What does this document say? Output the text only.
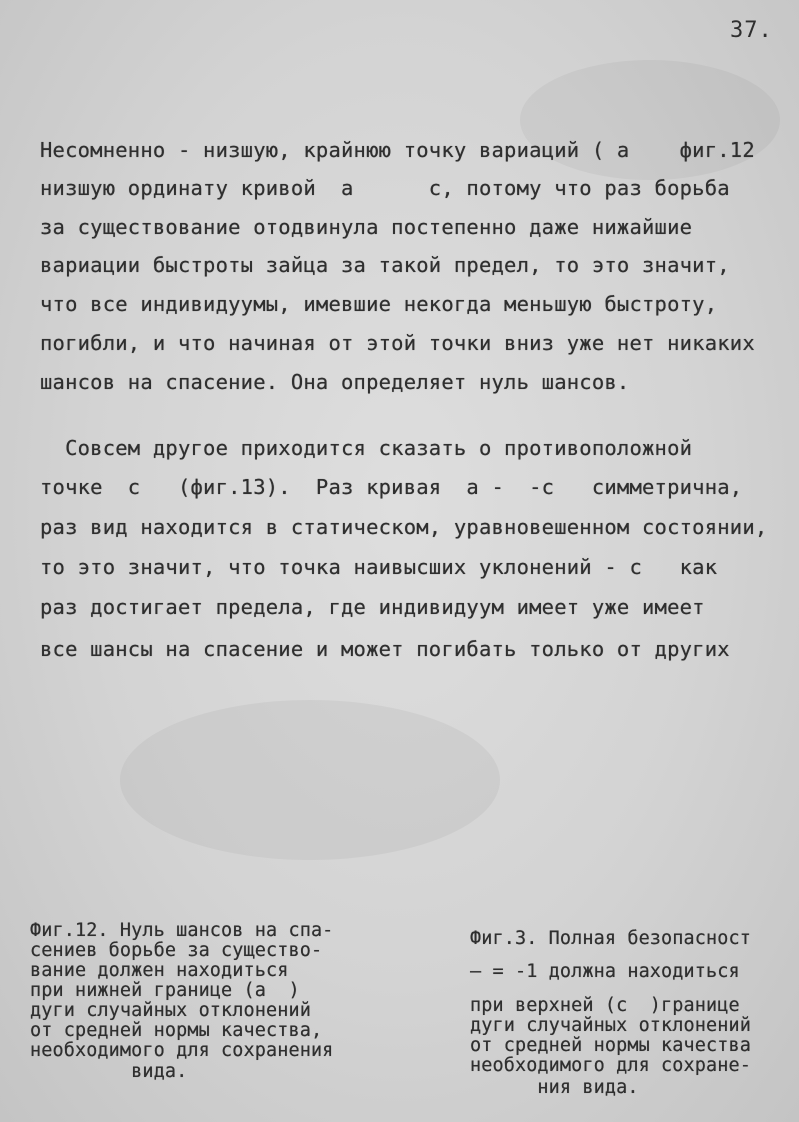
37.
Несомненно - низшую, крайнюю точку вариаций ( а    фиг.12
низшую ординату кривой  а      с, потому что раз борьба
за существование отодвинула постепенно даже нижайшие
вариации быстроты зайца за такой предел, то это значит,
что все индивидуумы, имевшие некогда меньшую быстроту,
погибли, и что начиная от этой точки вниз уже нет никаких
шансов на спасение. Она определяет нуль шансов.
Совсем другое приходится сказать о противоположной
точке  с   (фиг.13).  Раз кривая  а -  -с   симметрична,
раз вид находится в статическом, уравновешенном состоянии,
то это значит, что точка наивысших уклонений - с   как
раз достигает предела, где индивидуум имеет уже имеет
все шансы на спасение и может погибать только от других
Фиг.12. Нуль шансов на спа-
сениев борьбе за существо-
вание должен находиться
при нижней границе (а  )
дуги случайных отклонений
от средней нормы качества,
необходимого для сохранения
вида.
Фиг.3. Полная безопасност
— = -1 должна находиться
при верхней (с  )границе
дуги случайных отклонений
от средней нормы качества
необходимого для сохране-
ния вида.
